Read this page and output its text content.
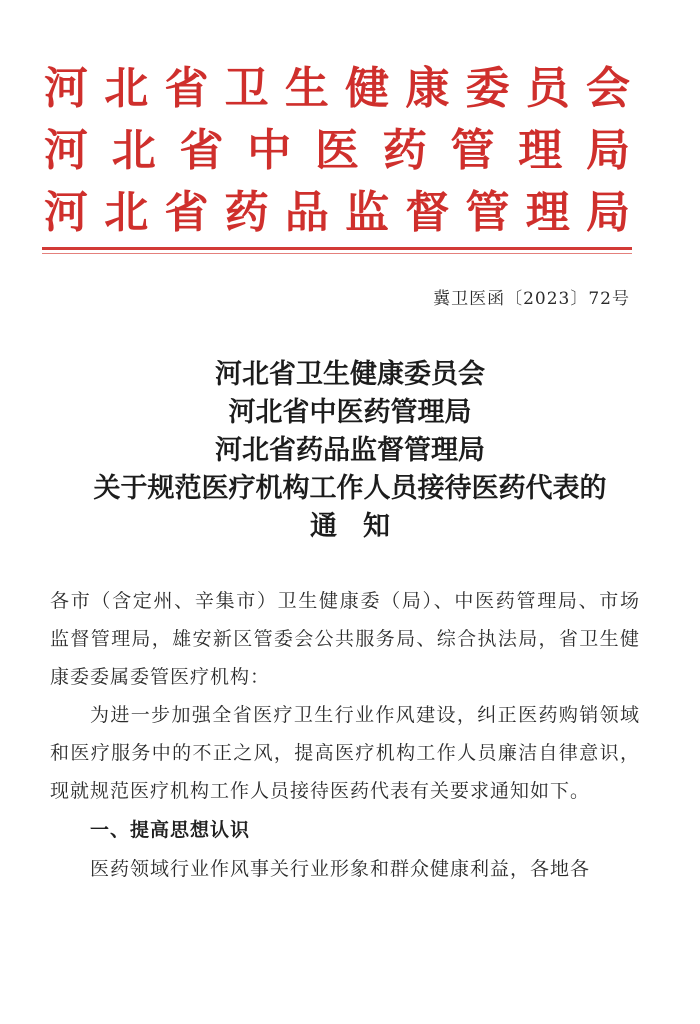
河北省卫生健康委员会
河北省中医药管理局
河北省药品监督管理局
冀卫医函〔2023〕72号
河北省卫生健康委员会
河北省中医药管理局
河北省药品监督管理局
关于规范医疗机构工作人员接待医药代表的
通知

各市（含定州、辛集市）卫生健康委（局）、中医药管理局、市场监督管理局，雄安新区管委会公共服务局、综合执法局，省卫生健康委委属委管医疗机构：

为进一步加强全省医疗卫生行业作风建设，纠正医药购销领域和医疗服务中的不正之风，提高医疗机构工作人员廉洁自律意识，现就规范医疗机构工作人员接待医药代表有关要求通知如下。

一、提高思想认识

医药领域行业作风事关行业形象和群众健康利益，各地各
